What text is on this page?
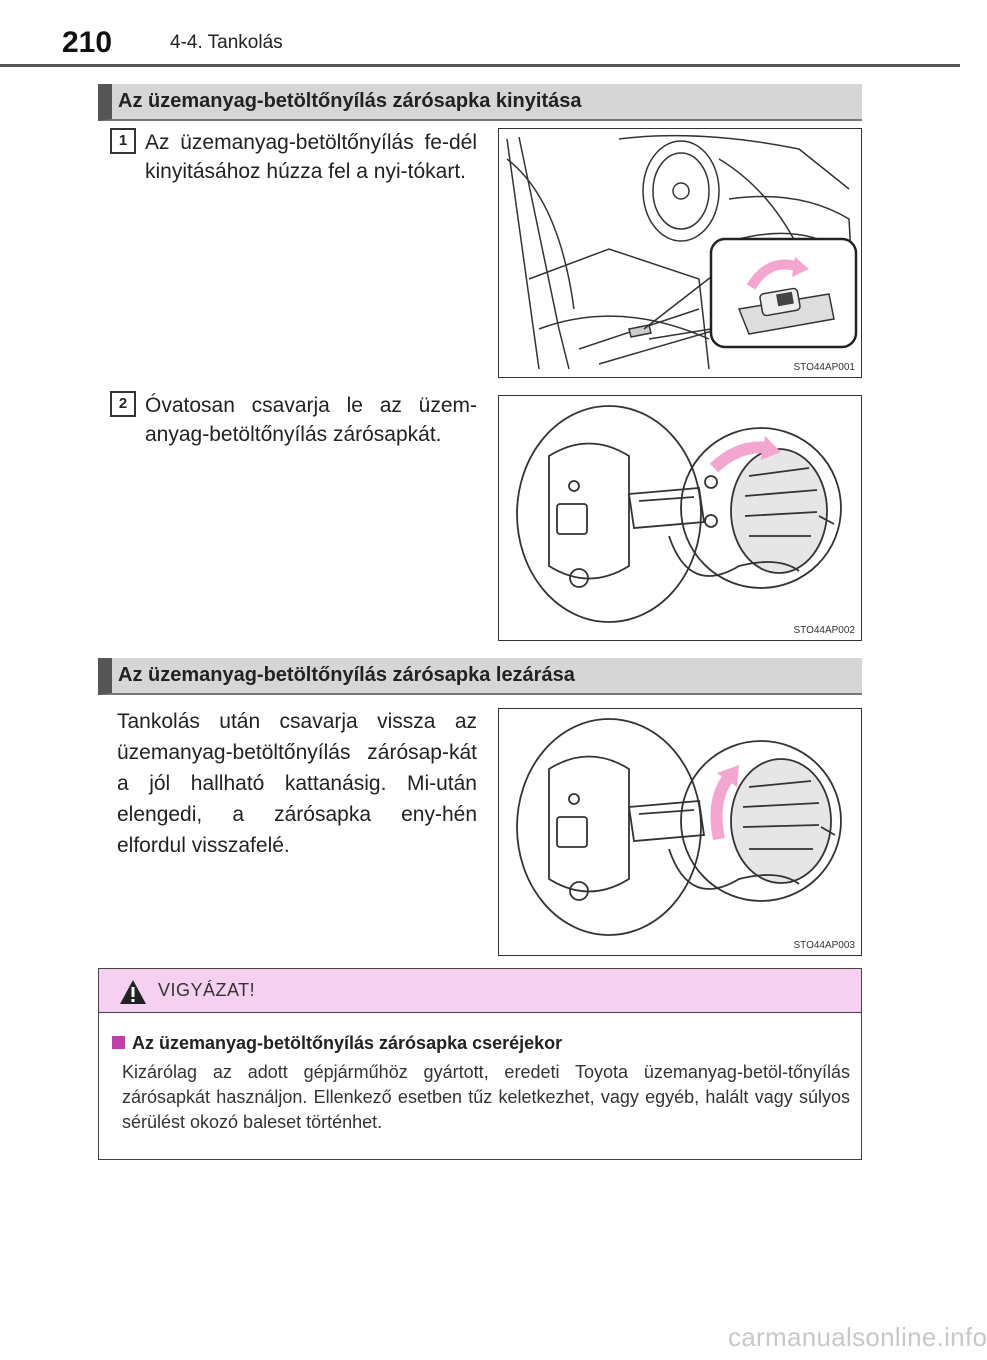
210	4-4. Tankolás
Az üzemanyag-betöltőnyílás zárósapka kinyitása
1 Az üzemanyag-betöltőnyílás fe-dél kinyitásához húzza fel a nyi-tókart.
STO44AP001
2 Óvatosan csavarja le az üzem-anyag-betöltőnyílás zárósapkát.
STO44AP002
Az üzemanyag-betöltőnyílás zárósapka lezárása
Tankolás után csavarja vissza az üzemanyag-betöltőnyílás zárósap-kát a jól hallható kattanásig. Mi-után elengedi, a zárósapka eny-hén elfordul visszafelé.
STO44AP003
VIGYÁZAT!
Az üzemanyag-betöltőnyílás zárósapka cseréjekor
Kizárólag az adott gépjárműhöz gyártott, eredeti Toyota üzemanyag-betöl-tőnyílás zárósapkát használjon. Ellenkező esetben tűz keletkezhet, vagy egyéb, halált vagy súlyos sérülést okozó baleset történhet.
carmanualsonline.info
